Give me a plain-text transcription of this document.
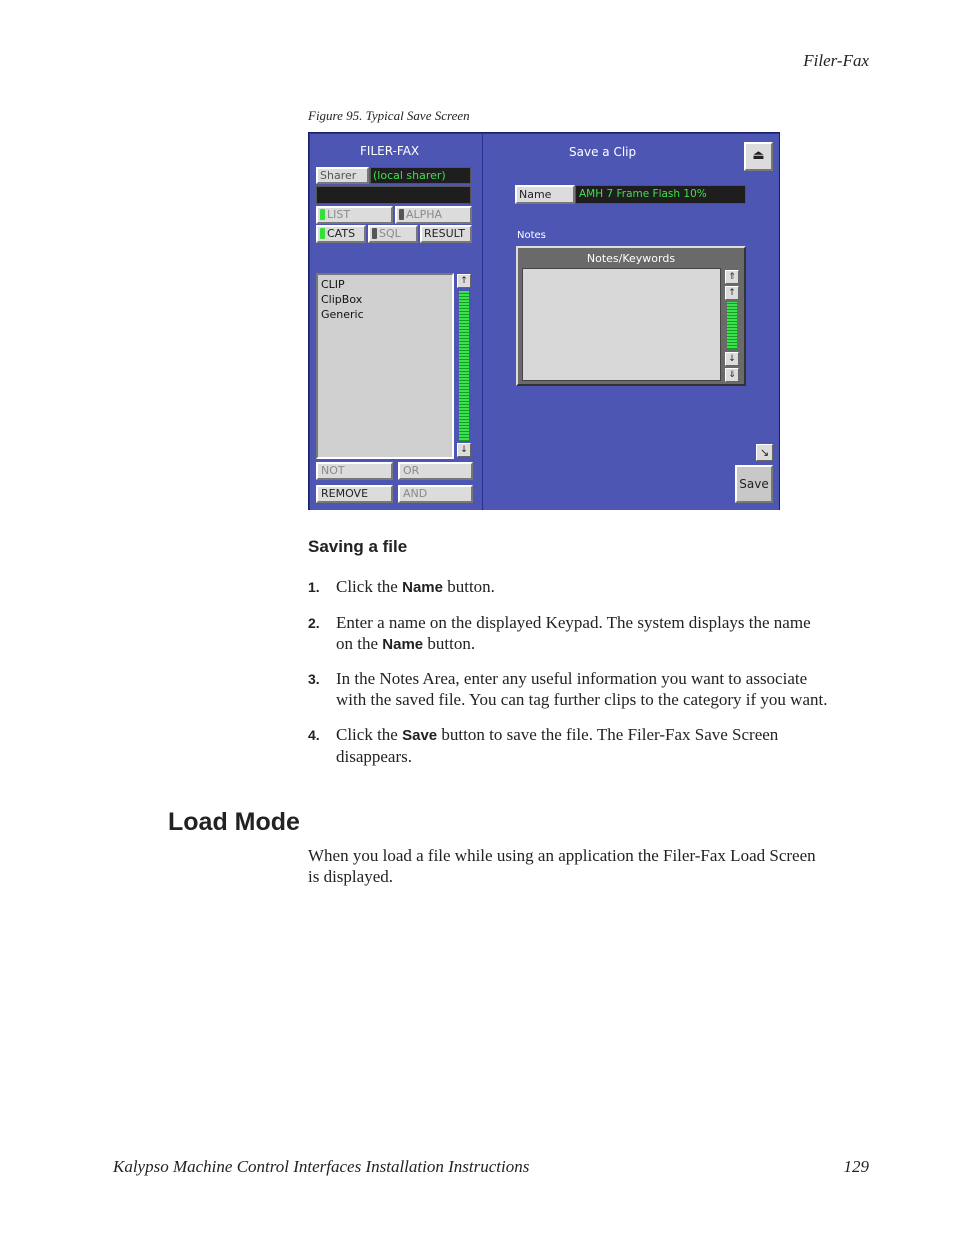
Filer-Fax
Figure 95. Typical Save Screen
FILER-FAX
Sharer	(local sharer)
LIST	ALPHA
CATS	SQL	RESULT
CLIP
ClipBox
Generic
↑
↓
NOT	OR
REMOVE	AND
Save a Clip	⏏
Name	AMH 7 Frame Flash 10%
Notes
Notes/Keywords
⇑
↑
↓
⇓
↘
Save
Saving a file
1. Click the Name button.
2. Enter a name on the displayed Keypad. The system displays the name
on the Name button.
3. In the Notes Area, enter any useful information you want to associate
with the saved file. You can tag further clips to the category if you want.
4. Click the Save button to save the file. The Filer-Fax Save Screen
disappears.
Load Mode
When you load a file while using an application the Filer-Fax Load Screen
is displayed.
Kalypso Machine Control Interfaces Installation Instructions	129
